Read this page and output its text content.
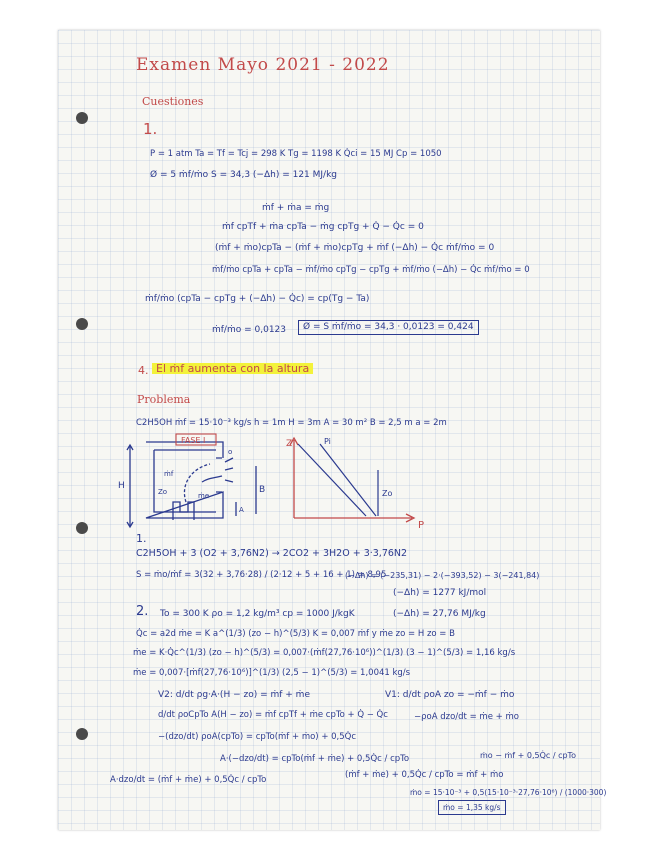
Examen Mayo 2021 - 2022
Cuestiones
1.
P = 1 atm Ta = Tf = Tcj = 298 K Tg = 1198 K Q̇ci = 15 MJ Cp = 1050
Ø = 5 ṁf/ṁo S = 34,3 (−Δh) = 121 MJ/kg
ṁf + ṁa = ṁg
ṁf cpTf + ṁa cpTa − ṁg cpTg + Q̇ − Q̇c = 0
(ṁf + ṁo)cpTa − (ṁf + ṁo)cpTg + ṁf (−Δh) − Q̇c ṁf/ṁo = 0
ṁf/ṁo cpTa + cpTa − ṁf/ṁo cpTg − cpTg + ṁf/ṁo (−Δh) − Q̇c ṁf/ṁo = 0
ṁf/ṁo (cpTa − cpTg + (−Δh) − Q̇c) = cp(Tg − Ta)
ṁf/ṁo = 0,0123	Ø = S ṁf/ṁo = 34,3 · 0,0123 = 0,424
4. El ṁf aumenta con la altura
Problema
C2H5OH ṁf = 15·10⁻³ kg/s h = 1m H = 3m A = 30 m² B = 2,5 m a = 2m
FASE I
H	B
A
Zo
ṁf
ṁe
o
Z
P
Pi
Zo
1.
C2H5OH + 3 (O2 + 3,76N2) → 2CO2 + 3H2O + 3·3,76N2
S = ṁo/ṁf = 3(32 + 3,76·28) / (2·12 + 5 + 16 + 1) = 8,95
(−Δh) = (−235,31) − 2·(−393,52) − 3(−241,84)
(−Δh) = 1277 kJ/mol
(−Δh) = 27,76 MJ/kg
2. To = 300 K ρo = 1,2 kg/m³ cp = 1000 J/kgK
Q̇c = a2d ṁe = K a^(1/3) (zo − h)^(5/3) K = 0,007 ṁf y ṁe zo = H zo = B
ṁe = K·Q̇c^(1/3) (zo − h)^(5/3) = 0,007·(ṁf(27,76·10⁶))^(1/3) (3 − 1)^(5/3) = 1,16 kg/s
ṁe = 0,007·[ṁf(27,76·10⁶)]^(1/3) (2,5 − 1)^(5/3) = 1,0041 kg/s
V2: d/dt ρg·A·(H − zo) = ṁf + ṁe	V1: d/dt ρoA zo = −ṁf − ṁo
d/dt ρoCpTo A(H − zo) = ṁf cpTf + ṁe cpTo + Q̇ − Q̇c	−ρoA dzo/dt = ṁe + ṁo
−(dzo/dt) ρoA(cpTo) = cpTo(ṁf + ṁo) + 0,5Q̇c
A·(−dzo/dt) = cpTo(ṁf + ṁe) + 0,5Q̇c / cpTo
A·dzo/dt = (ṁf + ṁe) + 0,5Q̇c / cpTo	(ṁf + ṁe) + 0,5Q̇c / cpTo = ṁf + ṁo
ṁo − ṁf + 0,5Q̇c / cpTo
ṁo = 15·10⁻³ + 0,5(15·10⁻³·27,76·10⁶) / (1000·300)
ṁo = 1,35 kg/s
